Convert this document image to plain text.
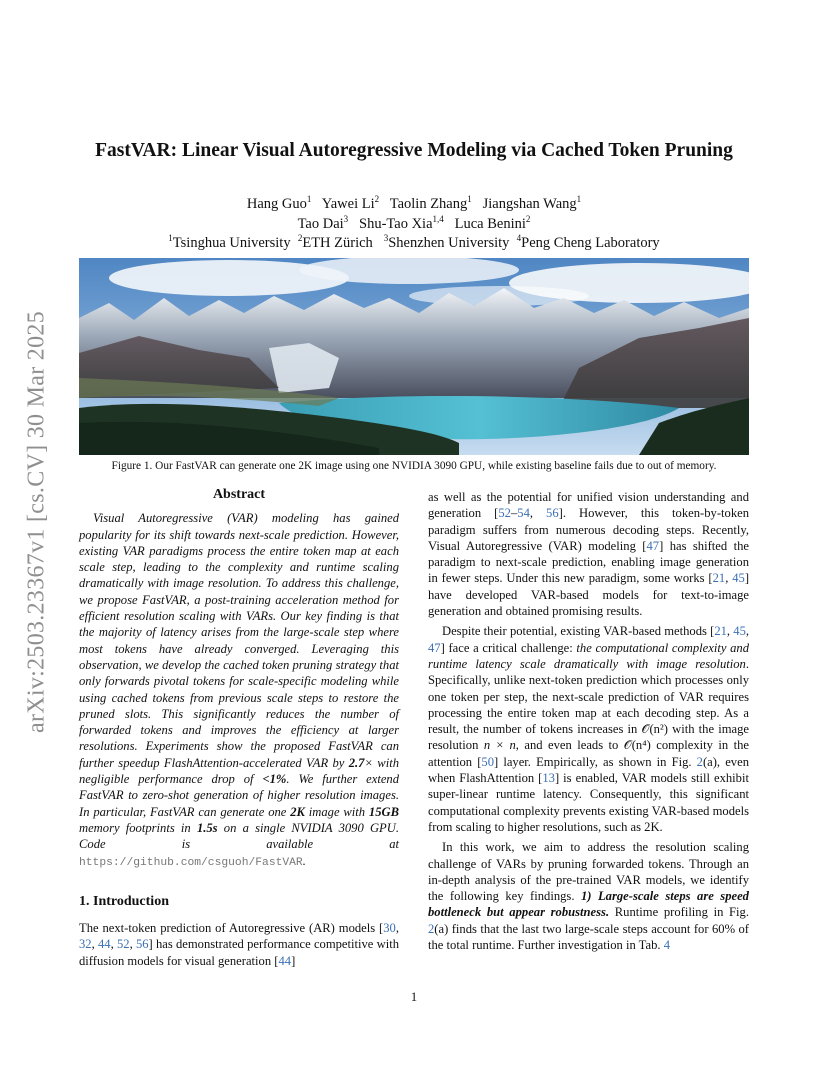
arXiv:2503.23367v1 [cs.CV] 30 Mar 2025
FastVAR: Linear Visual Autoregressive Modeling via Cached Token Pruning
Hang Guo$^1$ Yawei Li$^2$ Taolin Zhang$^1$ Jiangshan Wang$^1$
Tao Dai$^3$ Shu-Tao Xia$^{1,4}$ Luca Benini$^2$
$^1$Tsinghua University $^2$ETH Zürich $^3$Shenzhen University $^4$Peng Cheng Laboratory
Figure 1. Our FastVAR can generate one 2K image using one NVIDIA 3090 GPU, while existing baseline fails due to out of memory.

Abstract

Visual Autoregressive (VAR) modeling has gained popularity for its shift towards next-scale prediction. However, existing VAR paradigms process the entire token map at each scale step, leading to the complexity and runtime scaling dramatically with image resolution. To address this challenge, we propose FastVAR, a post-training acceleration method for efficient resolution scaling with VARs. Our key finding is that the majority of latency arises from the large-scale step where most tokens have already converged. Leveraging this observation, we develop the cached token pruning strategy that only forwards pivotal tokens for scale-specific modeling while using cached tokens from previous scale steps to restore the pruned slots. This significantly reduces the number of forwarded tokens and improves the efficiency at larger resolutions. Experiments show the proposed FastVAR can further speedup FlashAttention-accelerated VAR by 2.7× with negligible performance drop of <1%. We further extend FastVAR to zero-shot generation of higher resolution images. In particular, FastVAR can generate one 2K image with 15GB memory footprints in 1.5s on a single NVIDIA 3090 GPU. Code is available at https://github.com/csguoh/FastVAR.

1. Introduction

The next-token prediction of Autoregressive (AR) models [30, 32, 44, 52, 56] has demonstrated performance competitive with diffusion models for visual generation [44]

as well as the potential for unified vision understanding and generation [52–54, 56]. However, this token-by-token paradigm suffers from numerous decoding steps. Recently, Visual Autoregressive (VAR) modeling [47] has shifted the paradigm to next-scale prediction, enabling image generation in fewer steps. Under this new paradigm, some works [21, 45] have developed VAR-based models for text-to-image generation and obtained promising results.

Despite their potential, existing VAR-based methods [21, 45, 47] face a critical challenge: the computational complexity and runtime latency scale dramatically with image resolution. Specifically, unlike next-token prediction which processes only one token per step, the next-scale prediction of VAR requires processing the entire token map at each decoding step. As a result, the number of tokens increases in 𝒪(n²) with the image resolution n × n, and even leads to 𝒪(n⁴) complexity in the attention [50] layer. Empirically, as shown in Fig. 2(a), even when FlashAttention [13] is enabled, VAR models still exhibit super-linear runtime latency. Consequently, this significant computational complexity prevents existing VAR-based models from scaling to higher resolutions, such as 2K.

In this work, we aim to address the resolution scaling challenge of VARs by pruning forwarded tokens. Through an in-depth analysis of the pre-trained VAR models, we identify the following key findings. 1) Large-scale steps are speed bottleneck but appear robustness. Runtime profiling in Fig. 2(a) finds that the last two large-scale steps account for 60% of the total runtime. Further investigation in Tab. 4

1
